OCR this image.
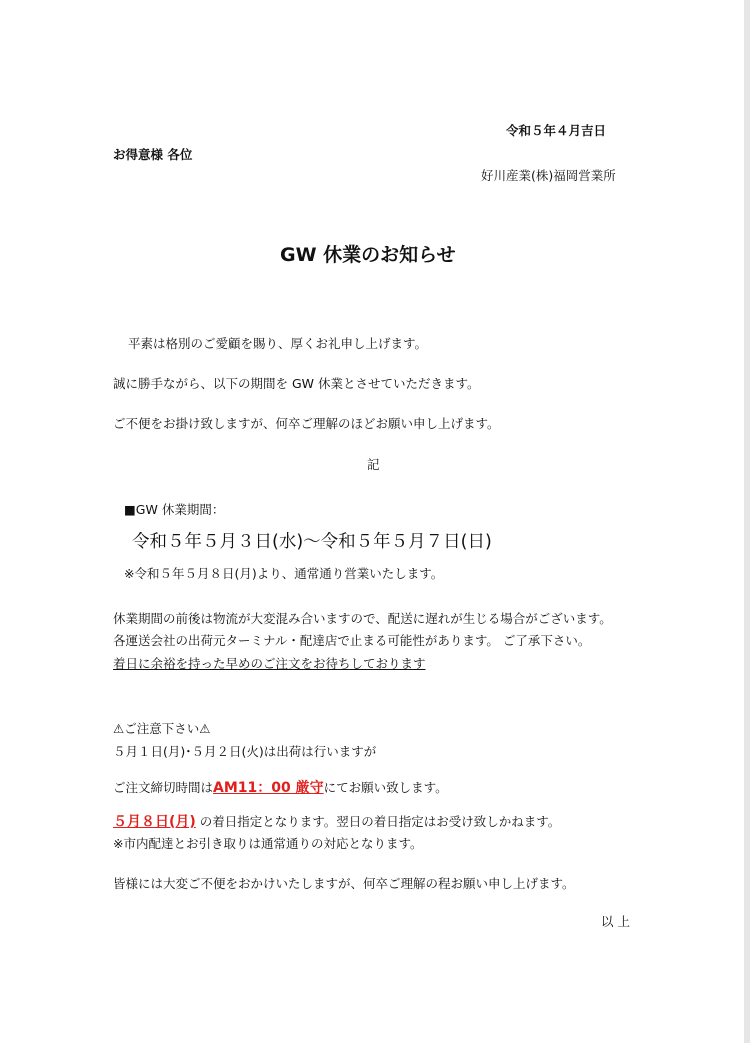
令和５年４月吉日
お得意様 各位
好川産業(株)福岡営業所
GW 休業のお知らせ
平素は格別のご愛顧を賜り、厚くお礼申し上げます。
誠に勝手ながら、以下の期間を GW 休業とさせていただきます。
ご不便をお掛け致しますが、何卒ご理解のほどお願い申し上げます。
記
■GW 休業期間：
令和５年５月３日(水)～令和５年５月７日(日)
※令和５年５月８日(月)より、通常通り営業いたします。
休業期間の前後は物流が大変混み合いますので、配送に遅れが生じる場合がございます。
各運送会社の出荷元ターミナル・配達店で止まる可能性があります。 ご了承下さい。
着日に余裕を持った早めのご注文をお待ちしております
⚠ご注意下さい⚠
５月１日(月)･５月２日(火)は出荷は行いますが
ご注文締切時間はAM11：00 厳守にてお願い致します。
５月８日(月) の着日指定となります。翌日の着日指定はお受け致しかねます。
※市内配達とお引き取りは通常通りの対応となります。
皆様には大変ご不便をおかけいたしますが、何卒ご理解の程お願い申し上げます。
以 上
